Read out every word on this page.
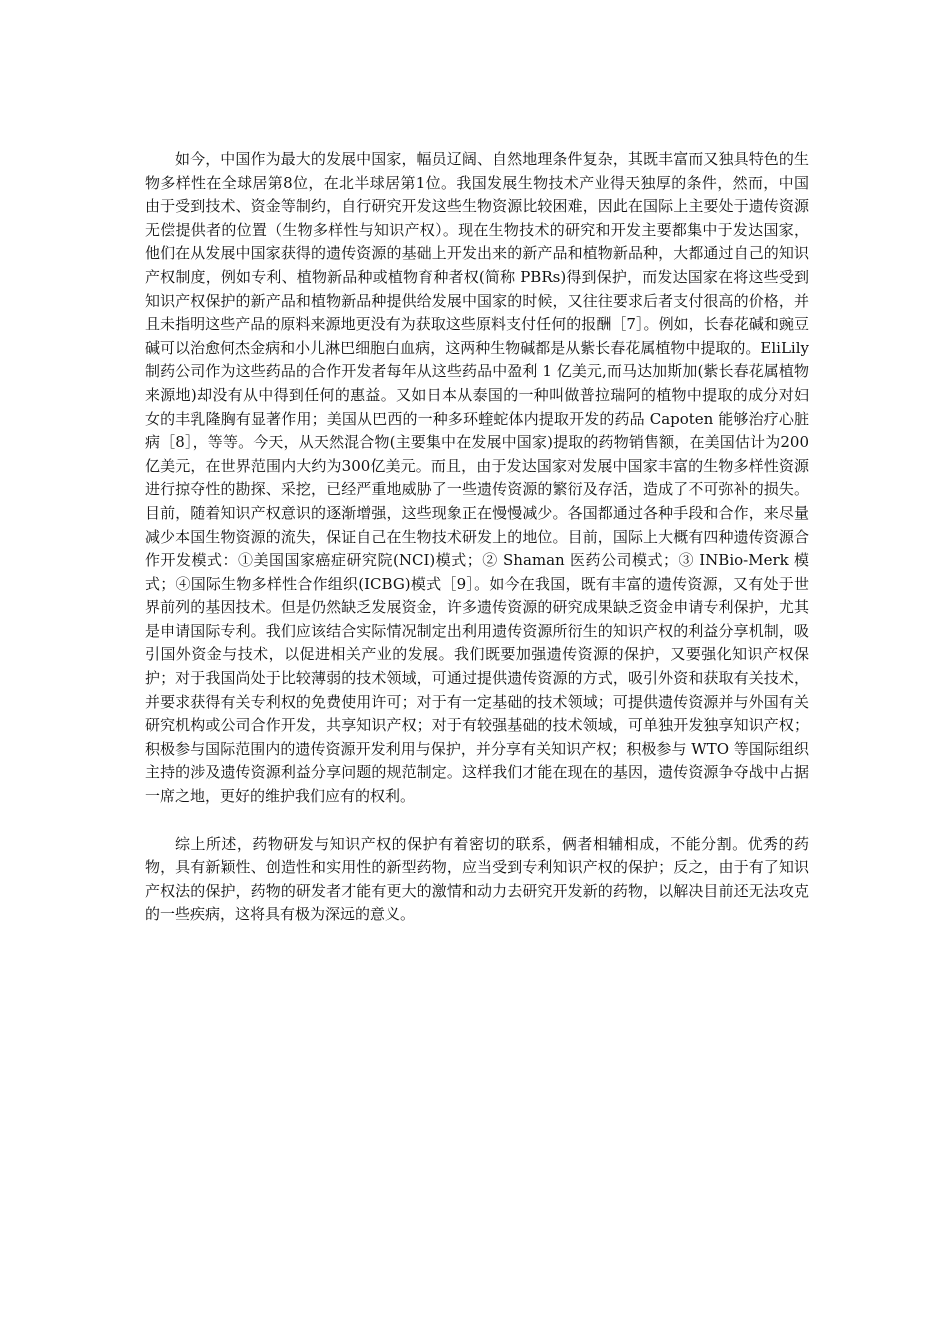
如今，中国作为最大的发展中国家，幅员辽阔、自然地理条件复杂，其既丰富而又独具特色的生物多样性在全球居第8位，在北半球居第1位。我国发展生物技术产业得天独厚的条件，然而，中国由于受到技术、资金等制约，自行研究开发这些生物资源比较困难，因此在国际上主要处于遗传资源无偿提供者的位置（生物多样性与知识产权）。现在生物技术的研究和开发主要都集中于发达国家，他们在从发展中国家获得的遗传资源的基础上开发出来的新产品和植物新品种，大都通过自己的知识产权制度，例如专利、植物新品种或植物育种者权(简称 PBRs)得到保护，而发达国家在将这些受到知识产权保护的新产品和植物新品种提供给发展中国家的时候，又往往要求后者支付很高的价格，并且未指明这些产品的原料来源地更没有为获取这些原料支付任何的报酬［7］。例如，长春花碱和豌豆碱可以治愈何杰金病和小儿淋巴细胞白血病，这两种生物碱都是从紫长春花属植物中提取的。EliLily 制药公司作为这些药品的合作开发者每年从这些药品中盈利 1 亿美元,而马达加斯加(紫长春花属植物来源地)却没有从中得到任何的惠益。又如日本从泰国的一种叫做普拉瑞阿的植物中提取的成分对妇女的丰乳隆胸有显著作用；美国从巴西的一种多环蝰蛇体内提取开发的药品 Capoten 能够治疗心脏病［8］，等等。今天，从天然混合物(主要集中在发展中国家)提取的药物销售额，在美国估计为200亿美元，在世界范围内大约为300亿美元。而且，由于发达国家对发展中国家丰富的生物多样性资源进行掠夺性的勘探、采挖，已经严重地威胁了一些遗传资源的繁衍及存活，造成了不可弥补的损失。目前，随着知识产权意识的逐渐增强，这些现象正在慢慢减少。各国都通过各种手段和合作，来尽量减少本国生物资源的流失，保证自己在生物技术研发上的地位。目前，国际上大概有四种遗传资源合作开发模式：①美国国家癌症研究院(NCI)模式；② Shaman 医药公司模式；③ INBio-Merk 模式；④国际生物多样性合作组织(ICBG)模式［9］。如今在我国，既有丰富的遗传资源，又有处于世界前列的基因技术。但是仍然缺乏发展资金，许多遗传资源的研究成果缺乏资金申请专利保护，尤其是申请国际专利。我们应该结合实际情况制定出利用遗传资源所衍生的知识产权的利益分享机制，吸引国外资金与技术，以促进相关产业的发展。我们既要加强遗传资源的保护，又要强化知识产权保护；对于我国尚处于比较薄弱的技术领域，可通过提供遗传资源的方式，吸引外资和获取有关技术，并要求获得有关专利权的免费使用许可；对于有一定基础的技术领域；可提供遗传资源并与外国有关研究机构或公司合作开发，共享知识产权；对于有较强基础的技术领域，可单独开发独享知识产权；积极参与国际范围内的遗传资源开发利用与保护，并分享有关知识产权；积极参与 WTO 等国际组织主持的涉及遗传资源利益分享问题的规范制定。这样我们才能在现在的基因，遗传资源争夺战中占据一席之地，更好的维护我们应有的权利。

综上所述，药物研发与知识产权的保护有着密切的联系，俩者相辅相成，不能分割。优秀的药物，具有新颖性、创造性和实用性的新型药物，应当受到专利知识产权的保护；反之，由于有了知识产权法的保护，药物的研发者才能有更大的激情和动力去研究开发新的药物，以解决目前还无法攻克的一些疾病，这将具有极为深远的意义。
